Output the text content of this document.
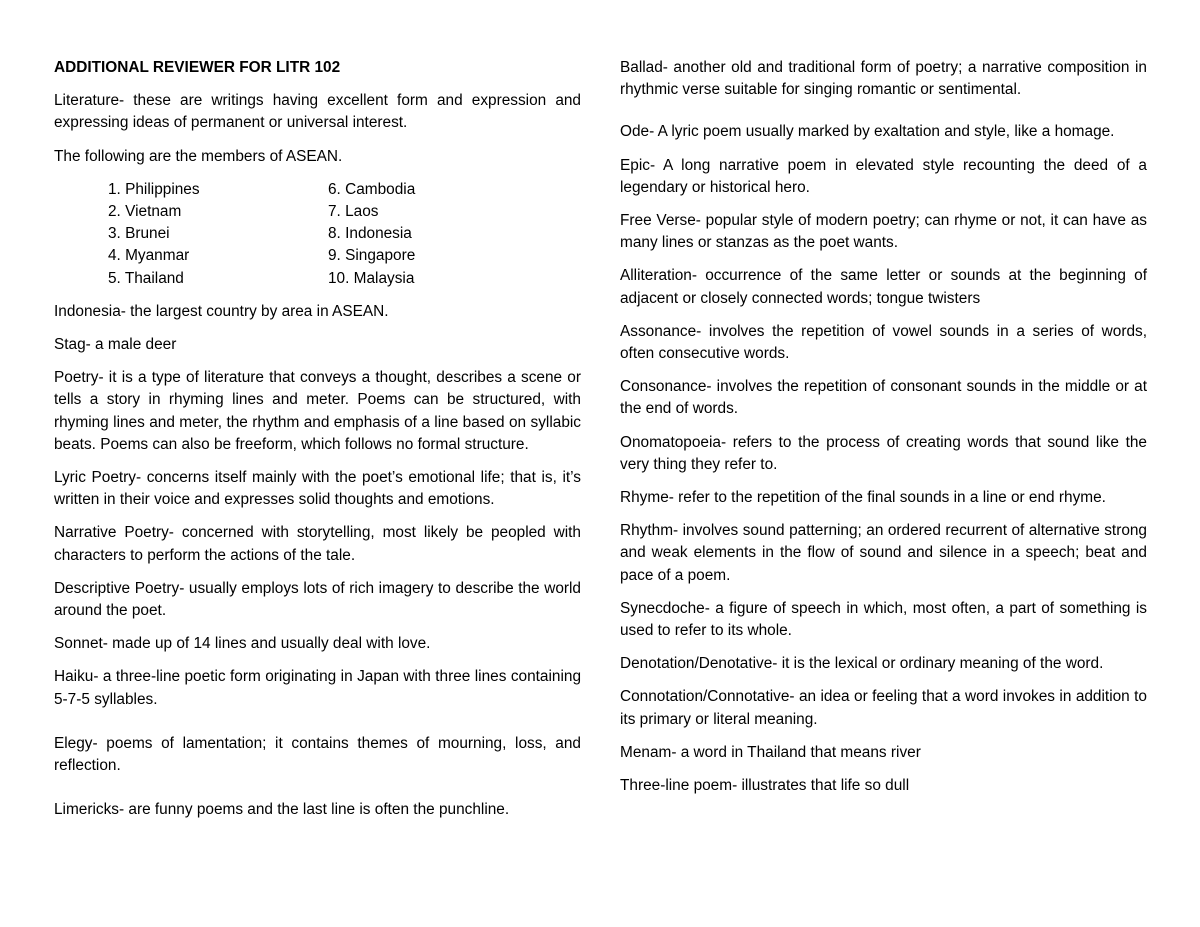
ADDITIONAL REVIEWER FOR LITR 102

Literature- these are writings having excellent form and expression and expressing ideas of permanent or universal interest.

The following are the members of ASEAN.

1. Philippines	6. Cambodia
2. Vietnam	7. Laos
3. Brunei	8. Indonesia
4. Myanmar	9. Singapore
5. Thailand	10. Malaysia

Indonesia- the largest country by area in ASEAN.

Stag- a male deer

Poetry- it is a type of literature that conveys a thought, describes a scene or tells a story in rhyming lines and meter. Poems can be structured, with rhyming lines and meter, the rhythm and emphasis of a line based on syllabic beats. Poems can also be freeform, which follows no formal structure.

Lyric Poetry- concerns itself mainly with the poet’s emotional life; that is, it’s written in their voice and expresses solid thoughts and emotions.

Narrative Poetry- concerned with storytelling, most likely be peopled with characters to perform the actions of the tale.

Descriptive Poetry- usually employs lots of rich imagery to describe the world around the poet.

Sonnet- made up of 14 lines and usually deal with love.

Haiku- a three-line poetic form originating in Japan with three lines containing 5-7-5 syllables.

Elegy- poems of lamentation; it contains themes of mourning, loss, and reflection.

Limericks- are funny poems and the last line is often the punchline.

Ballad- another old and traditional form of poetry; a narrative composition in rhythmic verse suitable for singing romantic or sentimental.

Ode- A lyric poem usually marked by exaltation and style, like a homage.

Epic- A long narrative poem in elevated style recounting the deed of a legendary or historical hero.

Free Verse- popular style of modern poetry; can rhyme or not, it can have as many lines or stanzas as the poet wants.

Alliteration- occurrence of the same letter or sounds at the beginning of adjacent or closely connected words; tongue twisters

Assonance- involves the repetition of vowel sounds in a series of words, often consecutive words.

Consonance- involves the repetition of consonant sounds in the middle or at the end of words.

Onomatopoeia- refers to the process of creating words that sound like the very thing they refer to.

Rhyme- refer to the repetition of the final sounds in a line or end rhyme.

Rhythm- involves sound patterning; an ordered recurrent of alternative strong and weak elements in the flow of sound and silence in a speech; beat and pace of a poem.

Synecdoche- a figure of speech in which, most often, a part of something is used to refer to its whole.

Denotation/Denotative- it is the lexical or ordinary meaning of the word.

Connotation/Connotative- an idea or feeling that a word invokes in addition to its primary or literal meaning.

Menam- a word in Thailand that means river

Three-line poem- illustrates that life so dull
